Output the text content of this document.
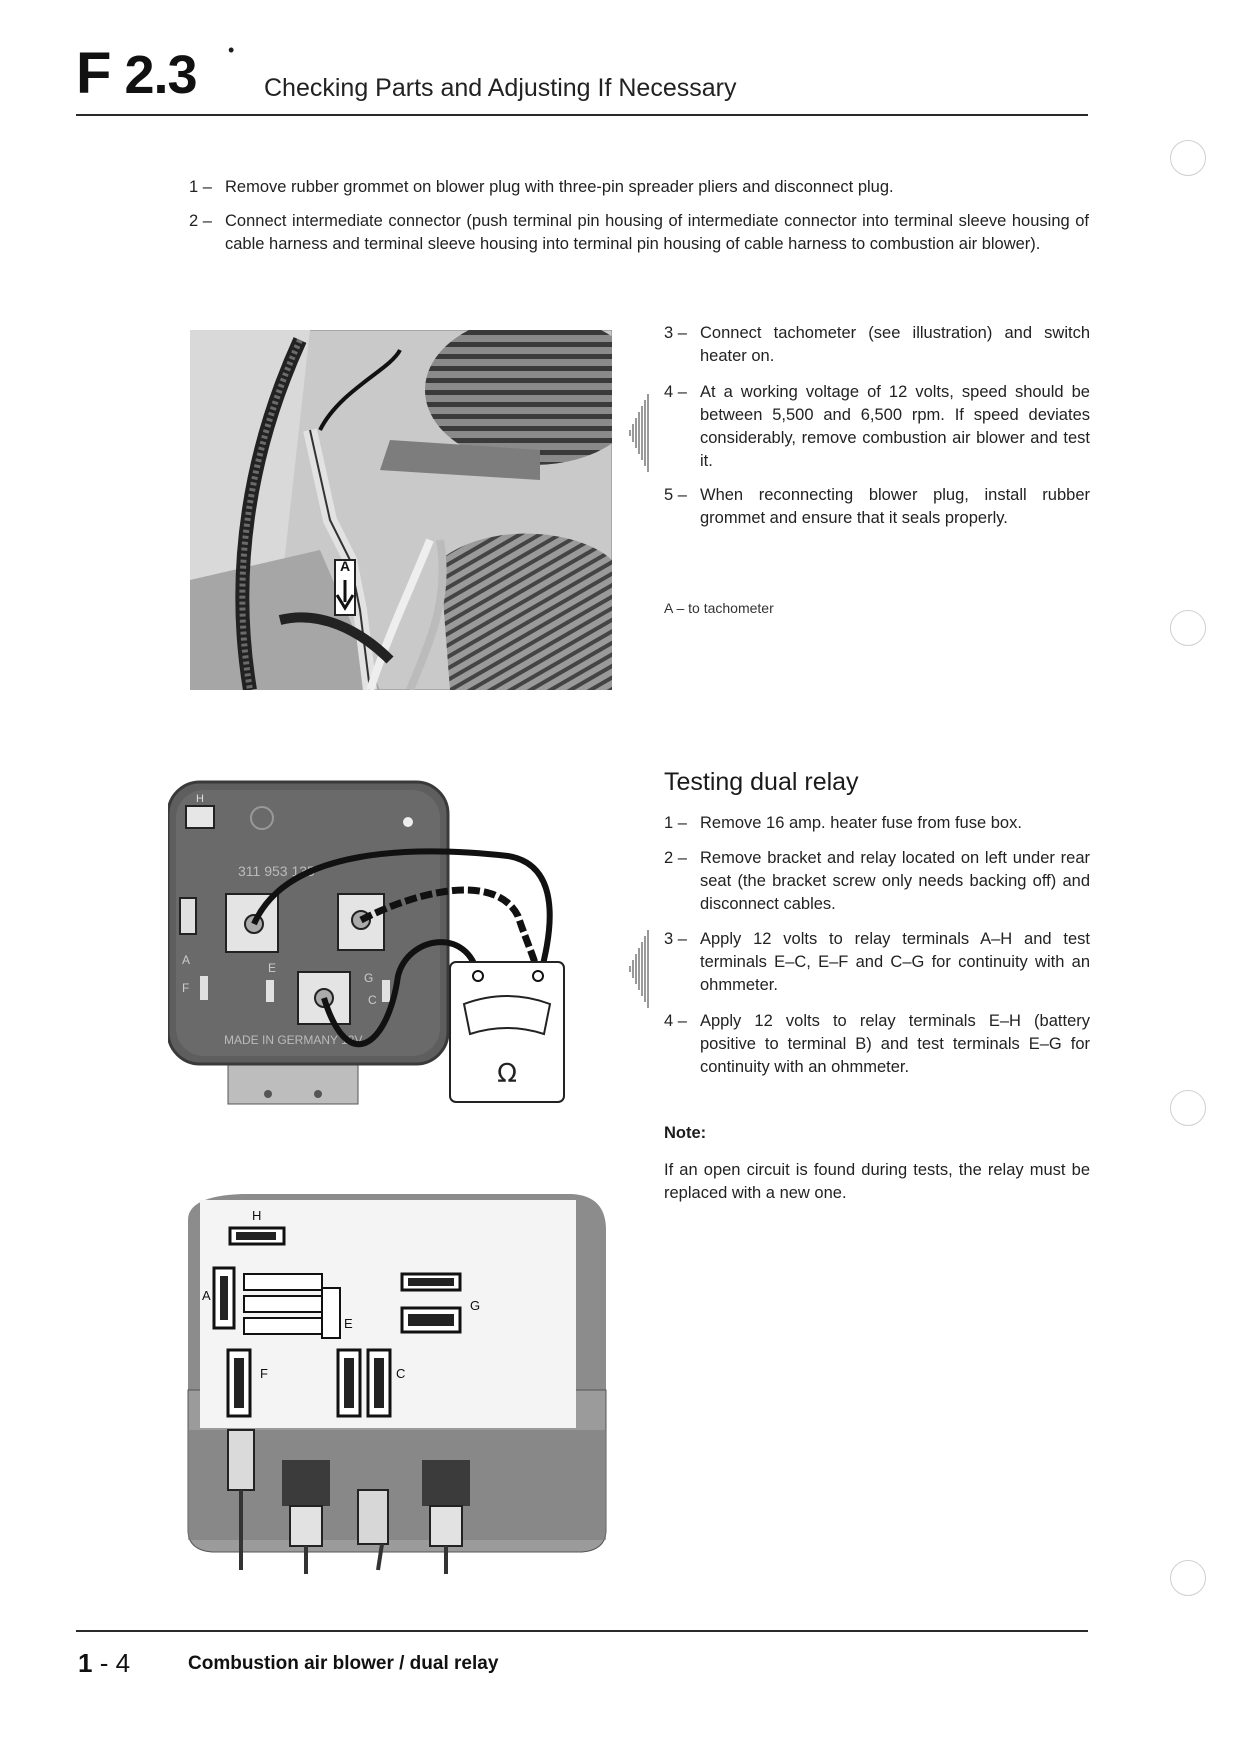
F 2.3 •
Checking Parts and Adjusting If Necessary
1 – Remove rubber grommet on blower plug with three-pin spreader pliers and disconnect plug.
2 – Connect intermediate connector (push terminal pin housing of intermediate connector into terminal sleeve housing of cable harness and terminal sleeve housing into terminal pin housing of cable harness to combustion air blower).
A
3 – Connect tachometer (see illustration) and switch heater on.
4 – At a working voltage of 12 volts, speed should be between 5,500 and 6,500 rpm. If speed deviates considerably, remove combustion air blower and test it.
5 – When reconnecting blower plug, install rubber grommet and ensure that it seals properly.
A – to tachometer
H
311 953 135
A
E
G
F
C
MADE IN GERMANY 12V
Ω
Testing dual relay
1 – Remove 16 amp. heater fuse from fuse box.
2 – Remove bracket and relay located on left under rear seat (the bracket screw only needs backing off) and disconnect cables.
3 – Apply 12 volts to relay terminals A–H and test terminals E–C, E–F and C–G for continuity with an ohmmeter.
4 – Apply 12 volts to relay terminals E–H (battery positive to terminal B) and test terminals E–G for continuity with an ohmmeter.
Note:
If an open circuit is found during tests, the relay must be replaced with a new one.
H
A
E
G
F	C
1 - 4	Combustion air blower / dual relay
